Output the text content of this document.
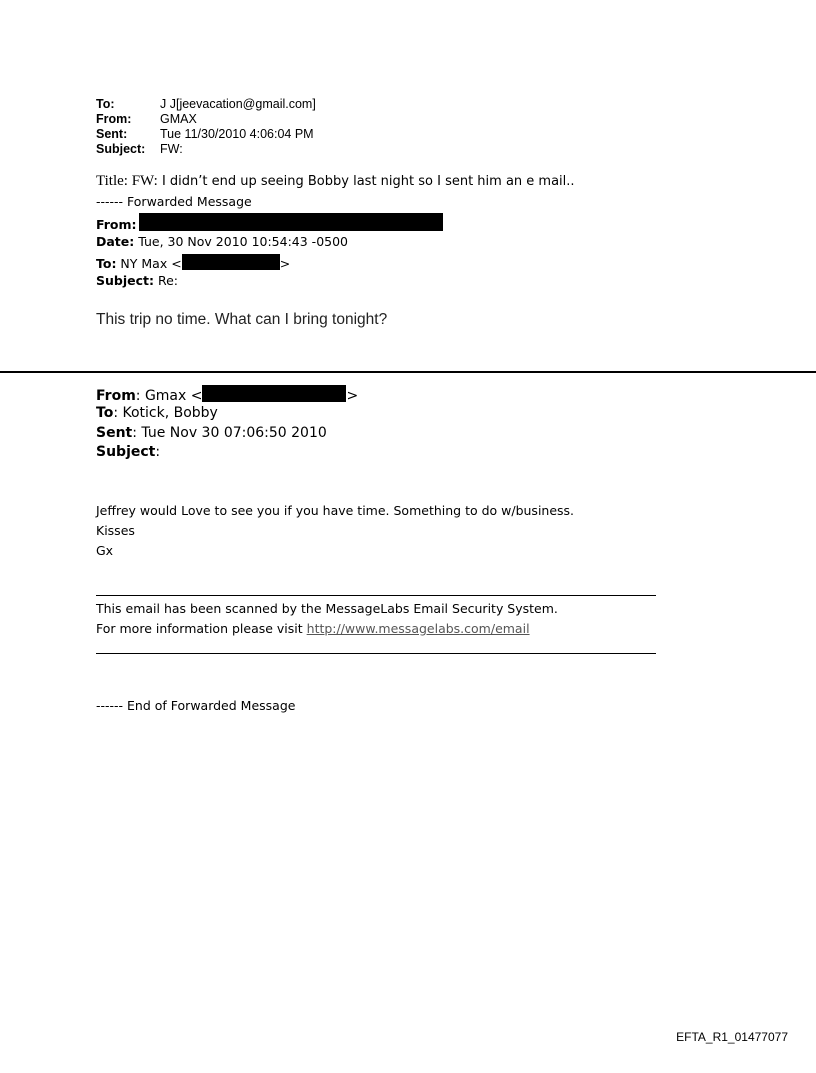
To:	J J[jeevacation@gmail.com]
From: GMAX
Sent:	Tue 11/30/2010 4:06:04 PM
Subject: FW:
Title: FW: I didn’t end up seeing Bobby last night so I sent him an e mail..
------ Forwarded Message
From:
Date: Tue, 30 Nov 2010 10:54:43 -0500
To: NY Max <	>
Subject: Re:
This trip no time. What can I bring tonight?
From: Gmax <	>
To: Kotick, Bobby
Sent: Tue Nov 30 07:06:50 2010
Subject:
Jeffrey would Love to see you if you have time. Something to do w/business.
Kisses
Gx
This email has been scanned by the MessageLabs Email Security System.
For more information please visit http://www.messagelabs.com/email
------ End of Forwarded Message
EFTA_R1_01477077
